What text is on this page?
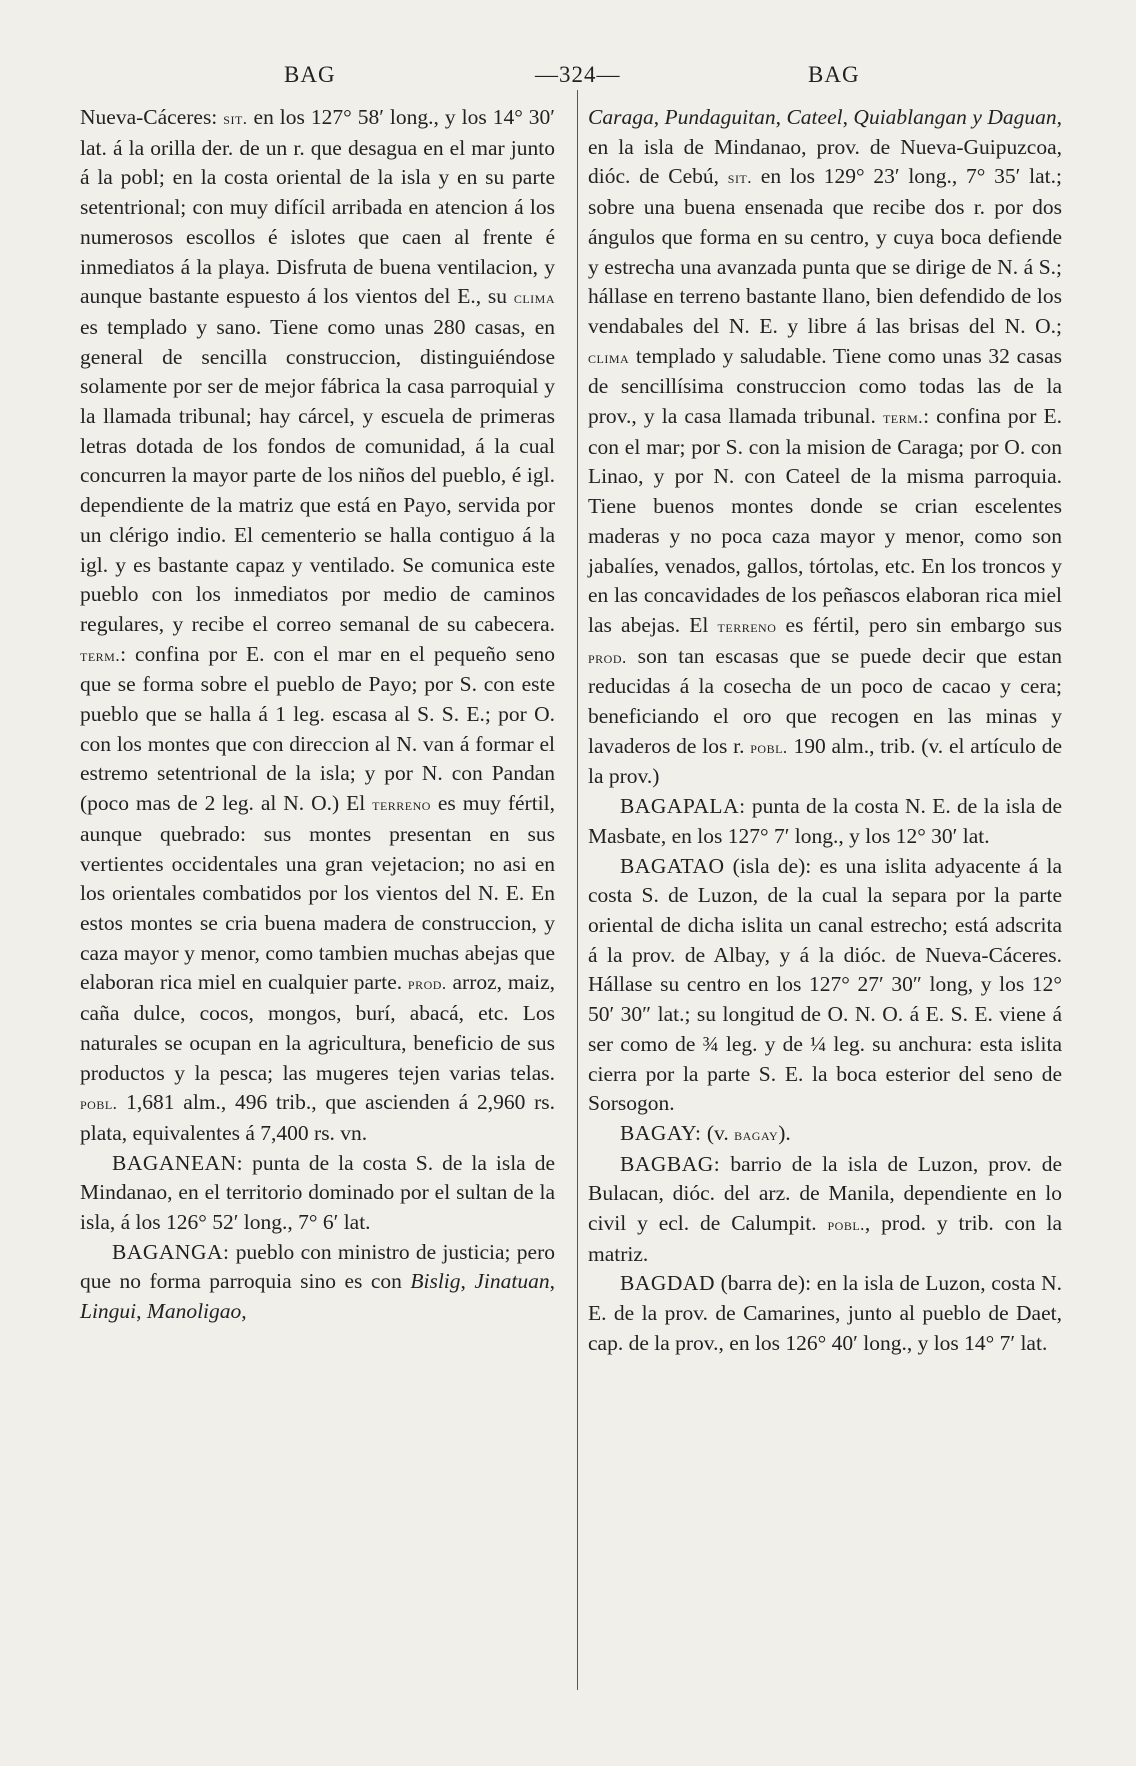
BAG	—324—	BAG

Nueva-Cáceres: sit. en los 127° 58′ long., y los 14° 30′ lat. á la orilla der. de un r. que desagua en el mar junto á la pobl; en la costa oriental de la isla y en su parte setentrional; con muy difícil arribada en atencion á los numerosos escollos é islotes que caen al frente é inmediatos á la playa. Disfruta de buena ventilacion, y aunque bastante espuesto á los vientos del E., su clima es templado y sano. Tiene como unas 280 casas, en general de sencilla construccion, distinguiéndose solamente por ser de mejor fábrica la casa parroquial y la llamada tribunal; hay cárcel, y escuela de primeras letras dotada de los fondos de comunidad, á la cual concurren la mayor parte de los niños del pueblo, é igl. dependiente de la matriz que está en Payo, servida por un clérigo indio. El cementerio se halla contiguo á la igl. y es bastante capaz y ventilado. Se comunica este pueblo con los inmediatos por medio de caminos regulares, y recibe el correo semanal de su cabecera. term.: confina por E. con el mar en el pequeño seno que se forma sobre el pueblo de Payo; por S. con este pueblo que se halla á 1 leg. escasa al S. S. E.; por O. con los montes que con direccion al N. van á formar el estremo setentrional de la isla; y por N. con Pandan (poco mas de 2 leg. al N. O.) El terreno es muy fértil, aunque quebrado: sus montes presentan en sus vertientes occidentales una gran vejetacion; no asi en los orientales combatidos por los vientos del N. E. En estos montes se cria buena madera de construccion, y caza mayor y menor, como tambien muchas abejas que elaboran rica miel en cualquier parte. prod. arroz, maiz, caña dulce, cocos, mongos, burí, abacá, etc. Los naturales se ocupan en la agricultura, beneficio de sus productos y la pesca; las mugeres tejen varias telas. pobl. 1,681 alm., 496 trib., que ascienden á 2,960 rs. plata, equivalentes á 7,400 rs. vn.

BAGANEAN: punta de la costa S. de la isla de Mindanao, en el territorio dominado por el sultan de la isla, á los 126° 52′ long., 7° 6′ lat.

BAGANGA: pueblo con ministro de justicia; pero que no forma parroquia sino es con Bislig, Jinatuan, Lingui, Manoligao,

Caraga, Pundaguitan, Cateel, Quiablangan y Daguan, en la isla de Mindanao, prov. de Nueva-Guipuzcoa, dióc. de Cebú, sit. en los 129° 23′ long., 7° 35′ lat.; sobre una buena ensenada que recibe dos r. por dos ángulos que forma en su centro, y cuya boca defiende y estrecha una avanzada punta que se dirige de N. á S.; hállase en terreno bastante llano, bien defendido de los vendabales del N. E. y libre á las brisas del N. O.; clima templado y saludable. Tiene como unas 32 casas de sencillísima construccion como todas las de la prov., y la casa llamada tribunal. term.: confina por E. con el mar; por S. con la mision de Caraga; por O. con Linao, y por N. con Cateel de la misma parroquia. Tiene buenos montes donde se crian escelentes maderas y no poca caza mayor y menor, como son jabalíes, venados, gallos, tórtolas, etc. En los troncos y en las concavidades de los peñascos elaboran rica miel las abejas. El terreno es fértil, pero sin embargo sus prod. son tan escasas que se puede decir que estan reducidas á la cosecha de un poco de cacao y cera; beneficiando el oro que recogen en las minas y lavaderos de los r. pobl. 190 alm., trib. (v. el artículo de la prov.)

BAGAPALA: punta de la costa N. E. de la isla de Masbate, en los 127° 7′ long., y los 12° 30′ lat.

BAGATAO (isla de): es una islita adyacente á la costa S. de Luzon, de la cual la separa por la parte oriental de dicha islita un canal estrecho; está adscrita á la prov. de Albay, y á la dióc. de Nueva-Cáceres. Hállase su centro en los 127° 27′ 30″ long, y los 12° 50′ 30″ lat.; su longitud de O. N. O. á E. S. E. viene á ser como de ¾ leg. y de ¼ leg. su anchura: esta islita cierra por la parte S. E. la boca esterior del seno de Sorsogon.

BAGAY: (v. bagay).

BAGBAG: barrio de la isla de Luzon, prov. de Bulacan, dióc. del arz. de Manila, dependiente en lo civil y ecl. de Calumpit. pobl., prod. y trib. con la matriz.

BAGDAD (barra de): en la isla de Luzon, costa N. E. de la prov. de Camarines, junto al pueblo de Daet, cap. de la prov., en los 126° 40′ long., y los 14° 7′ lat.
